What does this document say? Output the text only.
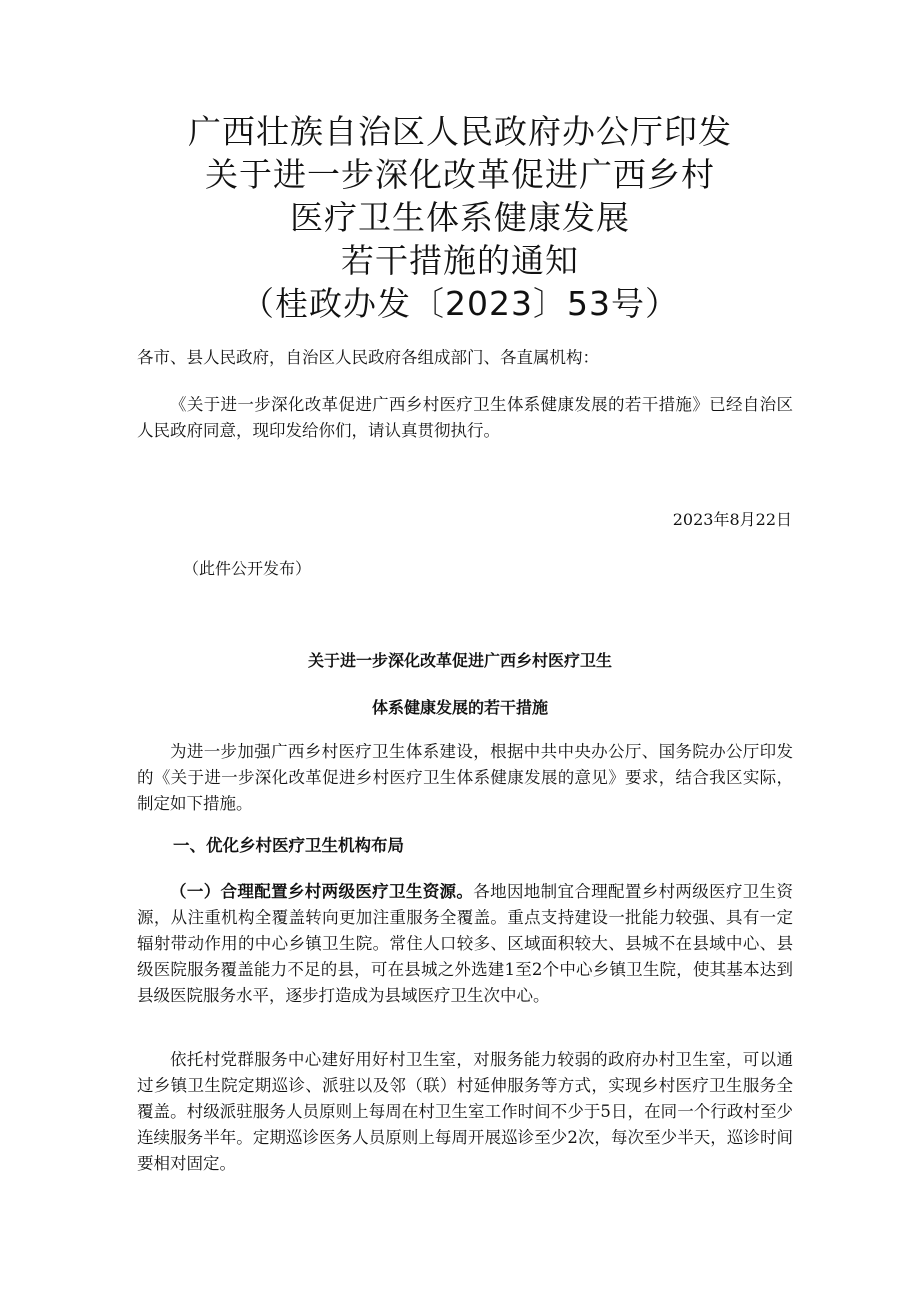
广西壮族自治区人民政府办公厅印发
关于进一步深化改革促进广西乡村
医疗卫生体系健康发展
若干措施的通知
（桂政办发〔2023〕53号）
各市、县人民政府，自治区人民政府各组成部门、各直属机构：
《关于进一步深化改革促进广西乡村医疗卫生体系健康发展的若干措施》已经自治区人民政府同意，现印发给你们，请认真贯彻执行。
2023年8月22日
（此件公开发布）
关于进一步深化改革促进广西乡村医疗卫生
体系健康发展的若干措施
为进一步加强广西乡村医疗卫生体系建设，根据中共中央办公厅、国务院办公厅印发的《关于进一步深化改革促进乡村医疗卫生体系健康发展的意见》要求，结合我区实际，制定如下措施。
一、优化乡村医疗卫生机构布局
（一）合理配置乡村两级医疗卫生资源。各地因地制宜合理配置乡村两级医疗卫生资源，从注重机构全覆盖转向更加注重服务全覆盖。重点支持建设一批能力较强、具有一定辐射带动作用的中心乡镇卫生院。常住人口较多、区域面积较大、县城不在县域中心、县级医院服务覆盖能力不足的县，可在县城之外选建1至2个中心乡镇卫生院，使其基本达到县级医院服务水平，逐步打造成为县域医疗卫生次中心。
依托村党群服务中心建好用好村卫生室，对服务能力较弱的政府办村卫生室，可以通过乡镇卫生院定期巡诊、派驻以及邻（联）村延伸服务等方式，实现乡村医疗卫生服务全覆盖。村级派驻服务人员原则上每周在村卫生室工作时间不少于5日，在同一个行政村至少连续服务半年。定期巡诊医务人员原则上每周开展巡诊至少2次，每次至少半天，巡诊时间要相对固定。
